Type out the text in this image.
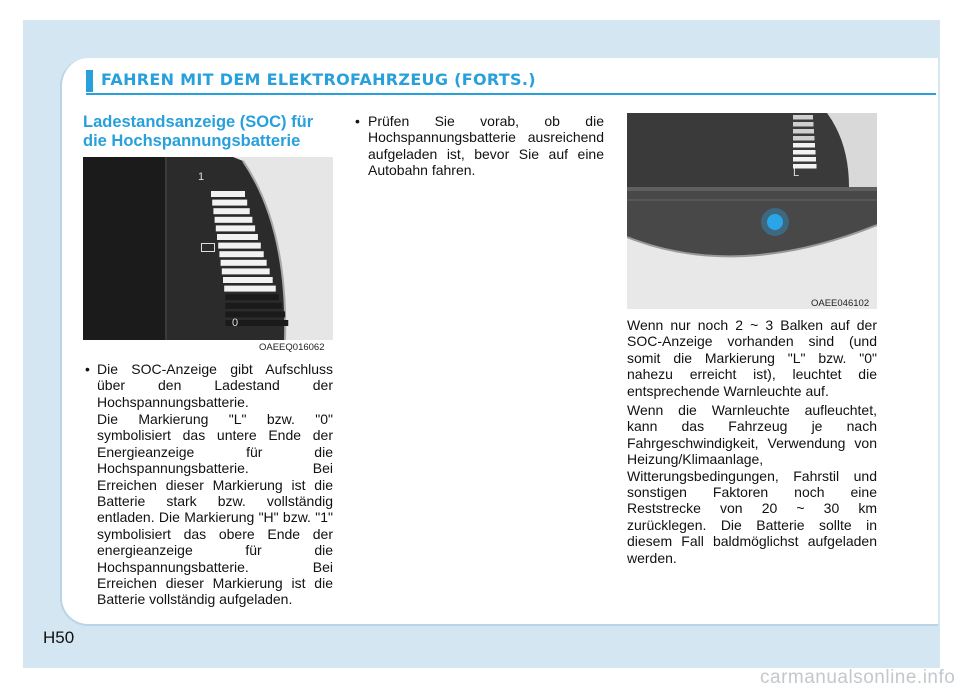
FAHREN MIT DEM ELEKTROFAHRZEUG (FORTS.)
Ladestandsanzeige (SOC) für die Hochspannungsbatterie
1
0
OAEEQ016062
L
OAEE046102
• Die SOC-Anzeige gibt Aufschluss über den Ladestand der Hochspannungsbatterie.

Die Markierung "L" bzw. "0" symbolisiert das untere Ende der Energieanzeige für die Hochspannungsbatterie. Bei Erreichen dieser Markierung ist die Batterie stark bzw. vollständig entladen. Die Markierung "H" bzw. "1" symbolisiert das obere Ende der energieanzeige für die Hochspannungsbatterie. Bei Erreichen dieser Markierung ist die Batterie vollständig aufgeladen.

• Prüfen Sie vorab, ob die Hochspannungsbatterie ausreichend aufgeladen ist, bevor Sie auf eine Autobahn fahren.

Wenn nur noch 2 ~ 3 Balken auf der SOC-Anzeige vorhanden sind (und somit die Markierung "L" bzw. "0" nahezu erreicht ist), leuchtet die entsprechende Warnleuchte auf.

Wenn die Warnleuchte aufleuchtet, kann das Fahrzeug je nach Fahrgeschwindigkeit, Verwendung von Heizung/Klimaanlage, Witterungsbedingungen, Fahrstil und sonstigen Faktoren noch eine Reststrecke von 20 ~ 30 km zurücklegen. Die Batterie sollte in diesem Fall baldmöglichst aufgeladen werden.

H50
carmanualsonline.info
